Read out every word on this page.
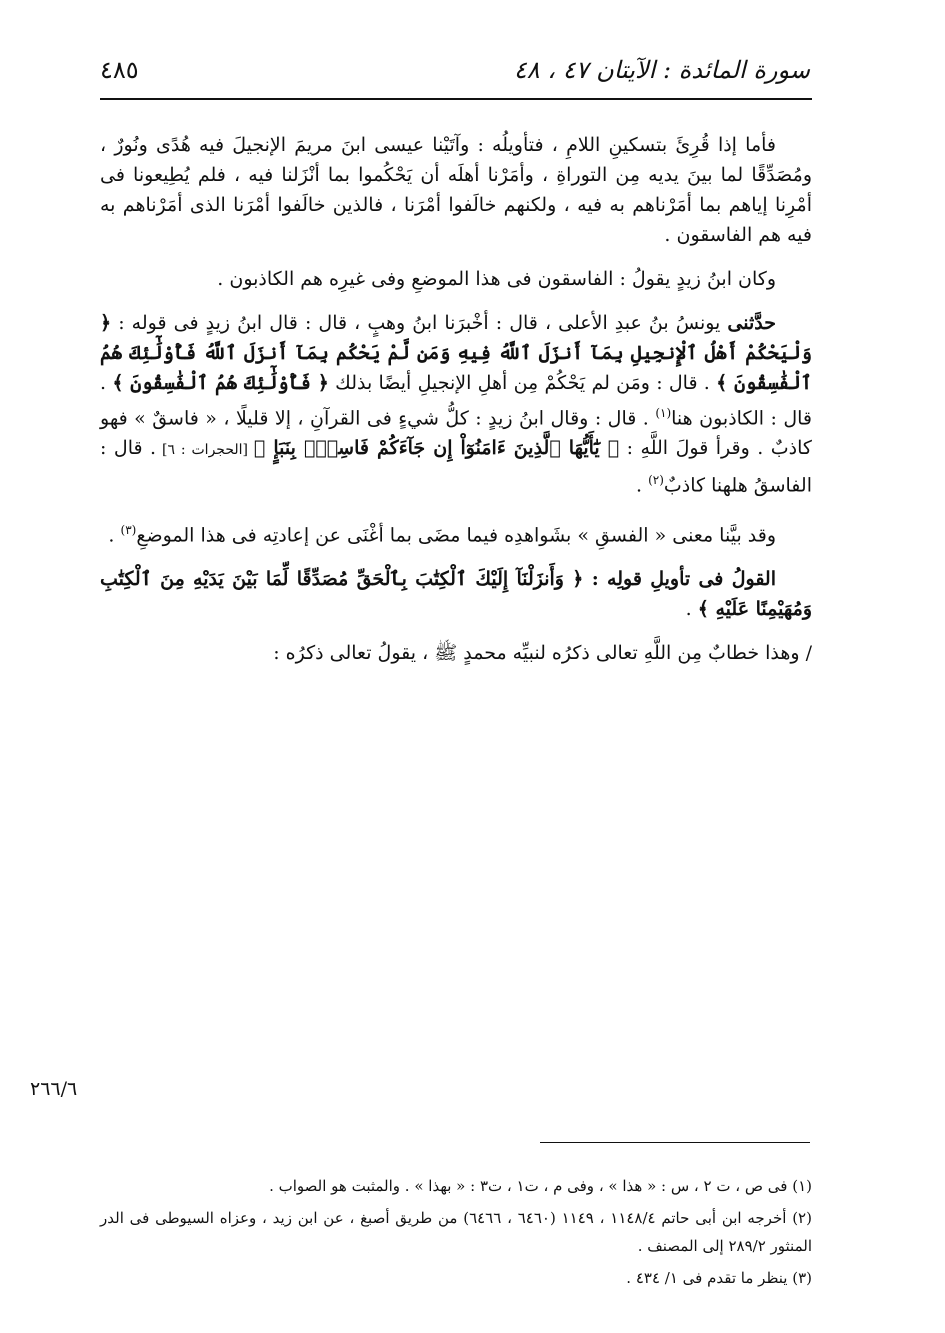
٤٨٥	سورة المائدة : الآيتان ٤٧ ، ٤٨

فأما إذا قُرِئَ بتسكينِ اللامِ ، فتأويلُه : وآتَيْنا عيسى ابنَ مريمَ الإنجيلَ فيه هُدًى ونُورٌ ، ومُصَدِّقًا لما بينَ يديه مِن التوراةِ ، وأمَرْنا أهلَه أن يَحْكُموا بما أنْزَلنا فيه ، فلم يُطِيعونا فى أمْرِنا إياهم بما أمَرْناهم به فيه ، ولكنهم خالَفوا أمْرَنا ، فالذين خالَفوا أمْرَنا الذى أمَرْناهم به فيه هم الفاسقون .

وكان ابنُ زيدٍ يقولُ : الفاسقون فى هذا الموضعِ وفى غيرِه هم الكاذبون .

حدَّثنى يونسُ بنُ عبدِ الأعلى ، قال : أخْبرَنا ابنُ وهبٍ ، قال : قال ابنُ زيدٍ فى قوله : ﴿ وَلْيَحْكُمْ أَهْلُ ٱلْإِنجِيلِ بِمَآ أَنزَلَ ٱللَّهُ فِيهِ وَمَن لَّمْ يَحْكُم بِمَآ أَنزَلَ ٱللَّهُ فَأُوْلَٰٓئِكَ هُمُ ٱلْفَٰسِقُونَ ﴾ . قال : ومَن لم يَحْكُمْ مِن أهلِ الإنجيلِ أيضًا بذلك ﴿ فَأُوْلَٰٓئِكَ هُمُ ٱلْفَٰسِقُونَ ﴾ . قال : الكاذبون هنا$^{(١)}$ . قال : وقال ابنُ زيدٍ : كلُّ شيءٍ فى القرآنِ ، إلا قليلًا ، « فاسقٌ » فهو كاذبٌ . وقرأ قولَ اللَّهِ : ﴿ يَٰٓأَيُّهَا ٱلَّذِينَ ءَامَنُوٓاْ إِن جَآءَكُمْ فَاسِقُۢ بِنَبَإٍ ﴾ [الحجرات : ٦] . قال : الفاسقُ هلهنا كاذبٌ$^{(٢)}$ .

وقد بيَّنا معنى « الفسقِ » بشَواهدِه فيما مضَى بما أغْنَى عن إعادتِه فى هذا الموضعِ$^{(٣)}$ .

القولُ فى تأويلِ قولِه : ﴿ وَأَنزَلْنَآ إِلَيْكَ ٱلْكِتَٰبَ بِٱلْحَقِّ مُصَدِّقًا لِّمَا بَيْنَ يَدَيْهِ مِنَ ٱلْكِتَٰبِ وَمُهَيْمِنًا عَلَيْهِ ﴾ .

/ وهذا خطابٌ مِن اللَّهِ تعالى ذكرُه لنبيِّه محمدٍ ﷺ ، يقولُ تعالى ذكرُه :

٢٦٦/٦

(١) فى ص ، ت ٢ ، س : « هذا » ، وفى م ، ت١ ، ت٣ : « بهذا » . والمثبت هو الصواب .

(٢) أخرجه ابن أبى حاتم ١١٤٨/٤ ، ١١٤٩ (٦٤٦٠ ، ٦٤٦٦) من طريق أصبغ ، عن ابن زيد ، وعزاه السيوطى فى الدر المنثور ٢٨٩/٢ إلى المصنف .

(٣) ينظر ما تقدم فى ١/ ٤٣٤ .
